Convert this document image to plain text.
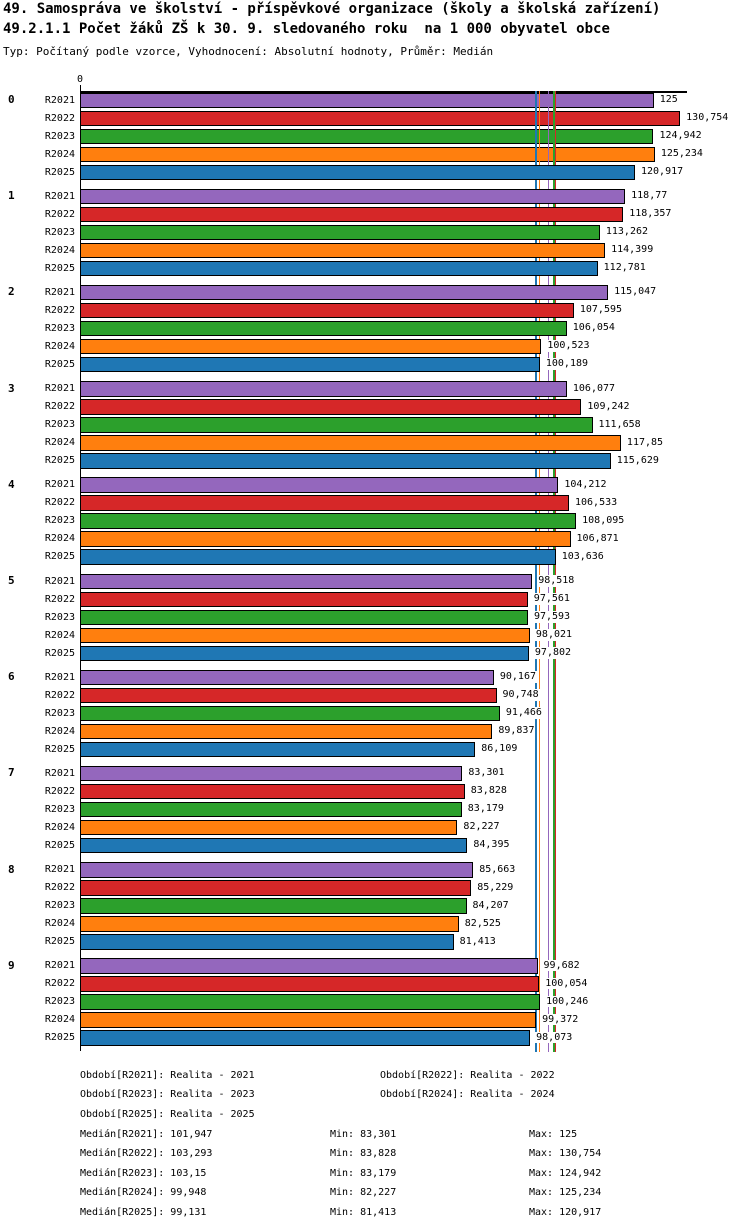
49. Samospráva ve školství - příspěvkové organizace (školy a školská zařízení)
49.2.1.1 Počet žáků ZŠ k 30. 9. sledovaného roku  na 1 000 obyvatel obce
Typ: Počítaný podle vzorce, Vyhodnocení: Absolutní hodnoty, Průměr: Medián
0
0	R2021	125
R2022	130,754
R2023	124,942
R2024	125,234
R2025	120,917
1	R2021	118,77
R2022	118,357
R2023	113,262
R2024	114,399
R2025	112,781
2	R2021	115,047
R2022	107,595
R2023	106,054
R2024	100,523
R2025	100,189
3	R2021	106,077
R2022	109,242
R2023	111,658
R2024	117,85
R2025	115,629
4	R2021	104,212
R2022	106,533
R2023	108,095
R2024	106,871
R2025	103,636
5	R2021	98,518
R2022	97,561
R2023	97,593
R2024	98,021
R2025	97,802
6	R2021	90,167
R2022	90,748
R2023	91,466
R2024	89,837
R2025	86,109
7	R2021	83,301
R2022	83,828
R2023	83,179
R2024	82,227
R2025	84,395
8	R2021	85,663
R2022	85,229
R2023	84,207
R2024	82,525
R2025	81,413
9	R2021	99,682
R2022	100,054
R2023	100,246
R2024	99,372
R2025	98,073
Období[R2021]: Realita - 2021	Období[R2022]: Realita - 2022
Období[R2023]: Realita - 2023	Období[R2024]: Realita - 2024
Období[R2025]: Realita - 2025
Medián[R2021]: 101,947	Min: 83,301	Max: 125
Medián[R2022]: 103,293	Min: 83,828	Max: 130,754
Medián[R2023]: 103,15	Min: 83,179	Max: 124,942
Medián[R2024]: 99,948	Min: 82,227	Max: 125,234
Medián[R2025]: 99,131	Min: 81,413	Max: 120,917
